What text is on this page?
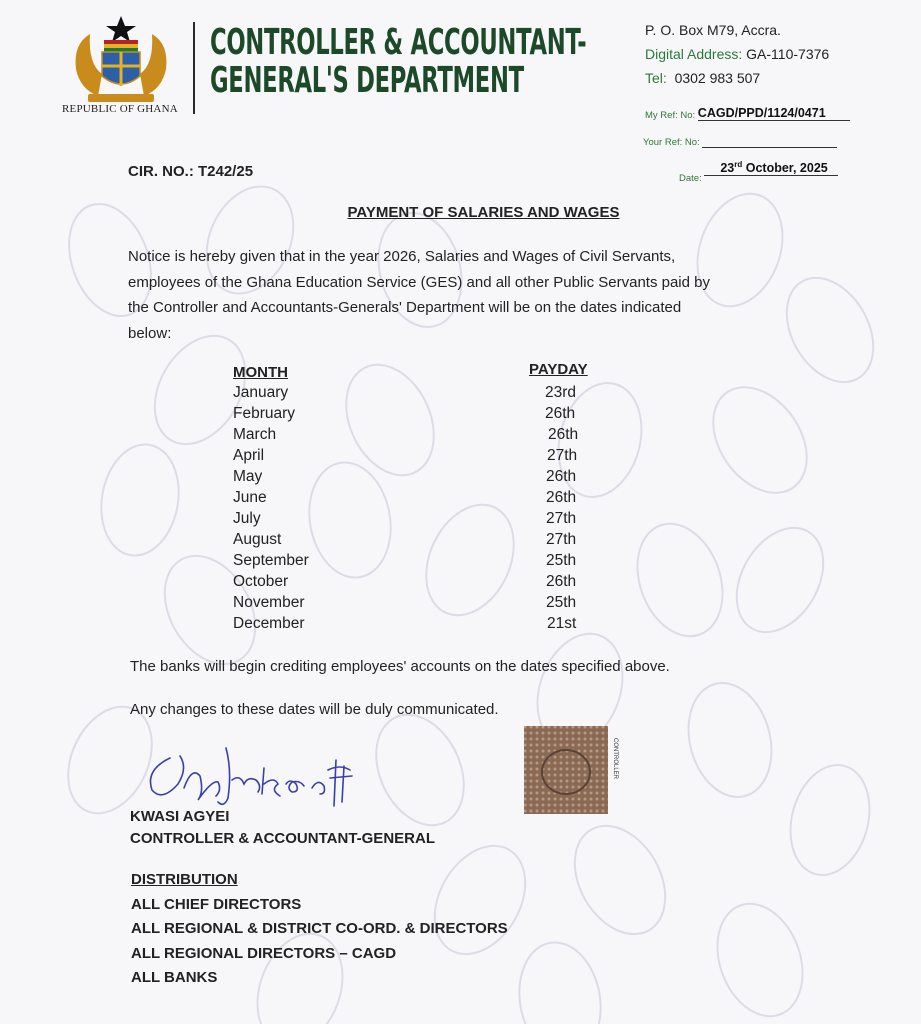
REPUBLIC OF GHANA
CONTROLLER & ACCOUNTANT-
GENERAL'S DEPARTMENT
P. O. Box M79, Accra.
Digital Address: GA-110-7376
Tel: 0302 983 507
My Ref: No: CAGD/PPD/1124/0471
Your Ref: No:
Date: 23rd October, 2025
CIR. NO.: T242/25
PAYMENT OF SALARIES AND WAGES
Notice is hereby given that in the year 2026, Salaries and Wages of Civil Servants,
employees of the Ghana Education Service (GES) and all other Public Servants paid by
the Controller and Accountants-Generals' Department will be on the dates indicated
below:
MONTH	PAYDAY
January	23rd
February	26th
March	26th
April	27th
May	26th
June	26th
July	27th
August	27th
September	25th
October	26th
November	25th
December	21st
The banks will begin crediting employees' accounts on the dates specified above.
Any changes to these dates will be duly communicated.
CONTROLLER
KWASI AGYEI
CONTROLLER & ACCOUNTANT-GENERAL
DISTRIBUTION
ALL CHIEF DIRECTORS
ALL REGIONAL & DISTRICT CO-ORD. & DIRECTORS
ALL REGIONAL DIRECTORS – CAGD
ALL BANKS
